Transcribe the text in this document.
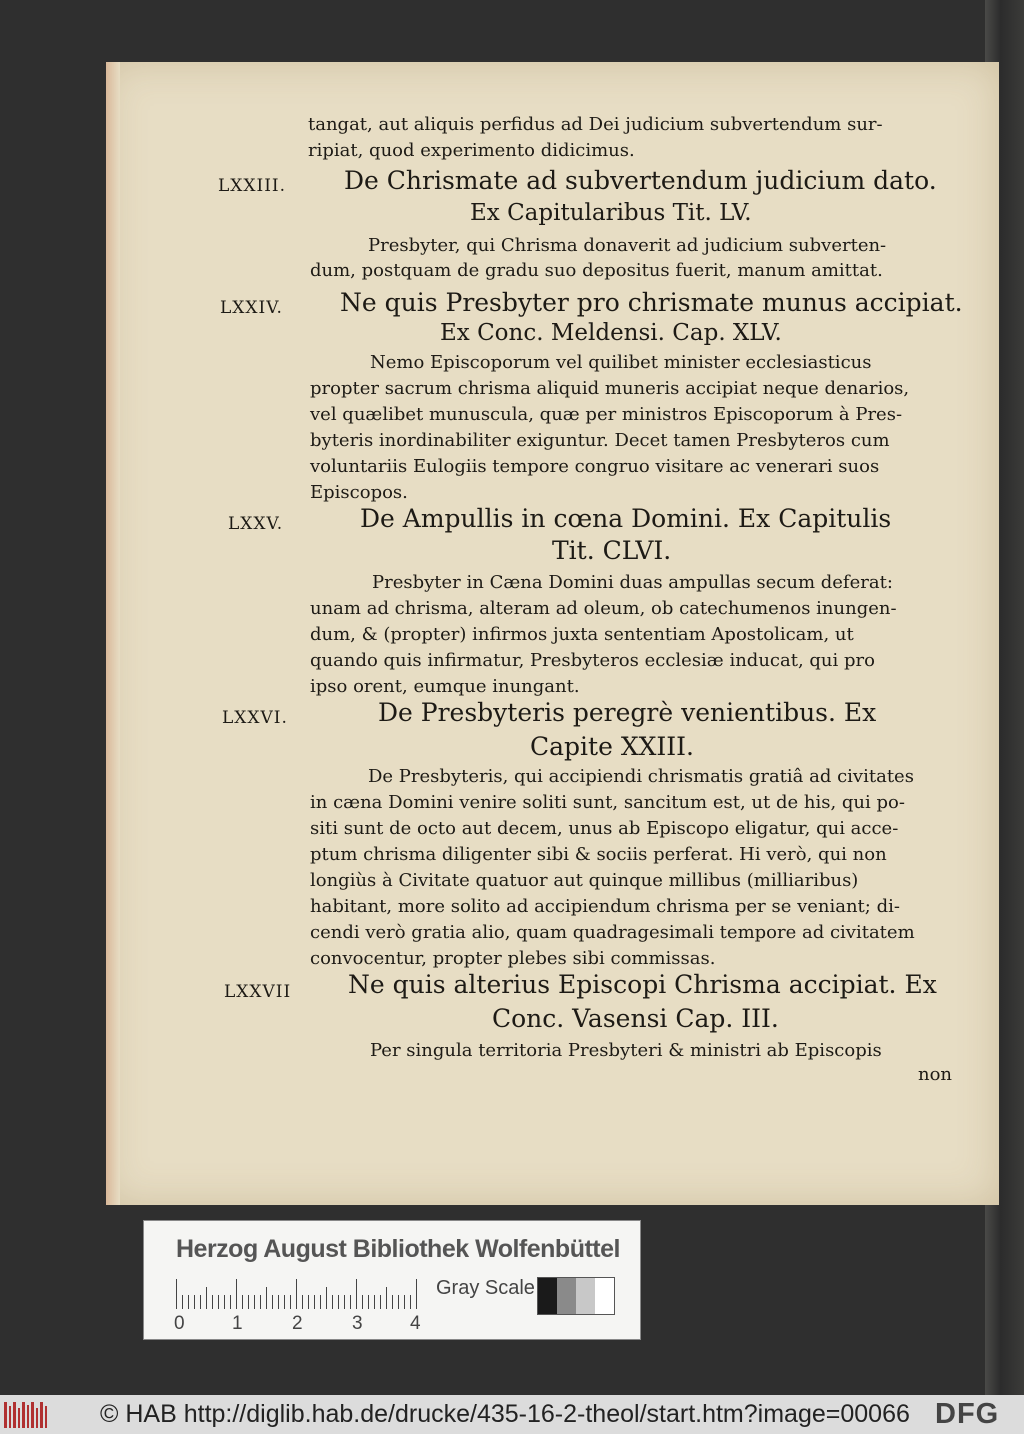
tangat, aut aliquis perfidus ad Dei judicium subvertendum sur-
ripiat, quod experimento didicimus.
LXXIII. De Chrismate ad subvertendum judicium dato.
Ex Capitularibus Tit. LV.
Presbyter, qui Chrisma donaverit ad judicium subverten-
dum, postquam de gradu suo depositus fuerit, manum amittat.
LXXIV. Ne quis Presbyter pro chrismate munus accipiat.
Ex Conc. Meldensi. Cap. XLV.
Nemo Episcoporum vel quilibet minister ecclesiasticus
propter sacrum chrisma aliquid muneris accipiat neque denarios,
vel quælibet munuscula, quæ per ministros Episcoporum à Pres-
byteris inordinabiliter exiguntur. Decet tamen Presbyteros cum
voluntariis Eulogiis tempore congruo visitare ac venerari suos
Episcopos.
LXXV.	De Ampullis in cœna Domini. Ex Capitulis
Tit. CLVI.
Presbyter in Cæna Domini duas ampullas secum deferat:
unam ad chrisma, alteram ad oleum, ob catechumenos inungen-
dum, & (propter) infirmos juxta sententiam Apostolicam, ut
quando quis infirmatur, Presbyteros ecclesiæ inducat, qui pro
ipso orent, eumque inungant.
LXXVI.	De Presbyteris peregrè venientibus. Ex
Capite XXIII.
De Presbyteris, qui accipiendi chrismatis gratiâ ad civitates
in cæna Domini venire soliti sunt, sancitum est, ut de his, qui po-
siti sunt de octo aut decem, unus ab Episcopo eligatur, qui acce-
ptum chrisma diligenter sibi & sociis perferat. Hi verò, qui non
longiùs à Civitate quatuor aut quinque millibus (milliaribus)
habitant, more solito ad accipiendum chrisma per se veniant; di-
cendi verò gratia alio, quam quadragesimali tempore ad civitatem
convocentur, propter plebes sibi commissas.
LXXVII Ne quis alterius Episcopi Chrisma accipiat. Ex
Conc. Vasensi Cap. III.
Per singula territoria Presbyteri & ministri ab Episcopis
non
Herzog August Bibliothek Wolfenbüttel
0 1	2	3 4
Gray Scale
© HAB http://diglib.hab.de/drucke/435-16-2-theol/start.htm?image=00066 DFG
